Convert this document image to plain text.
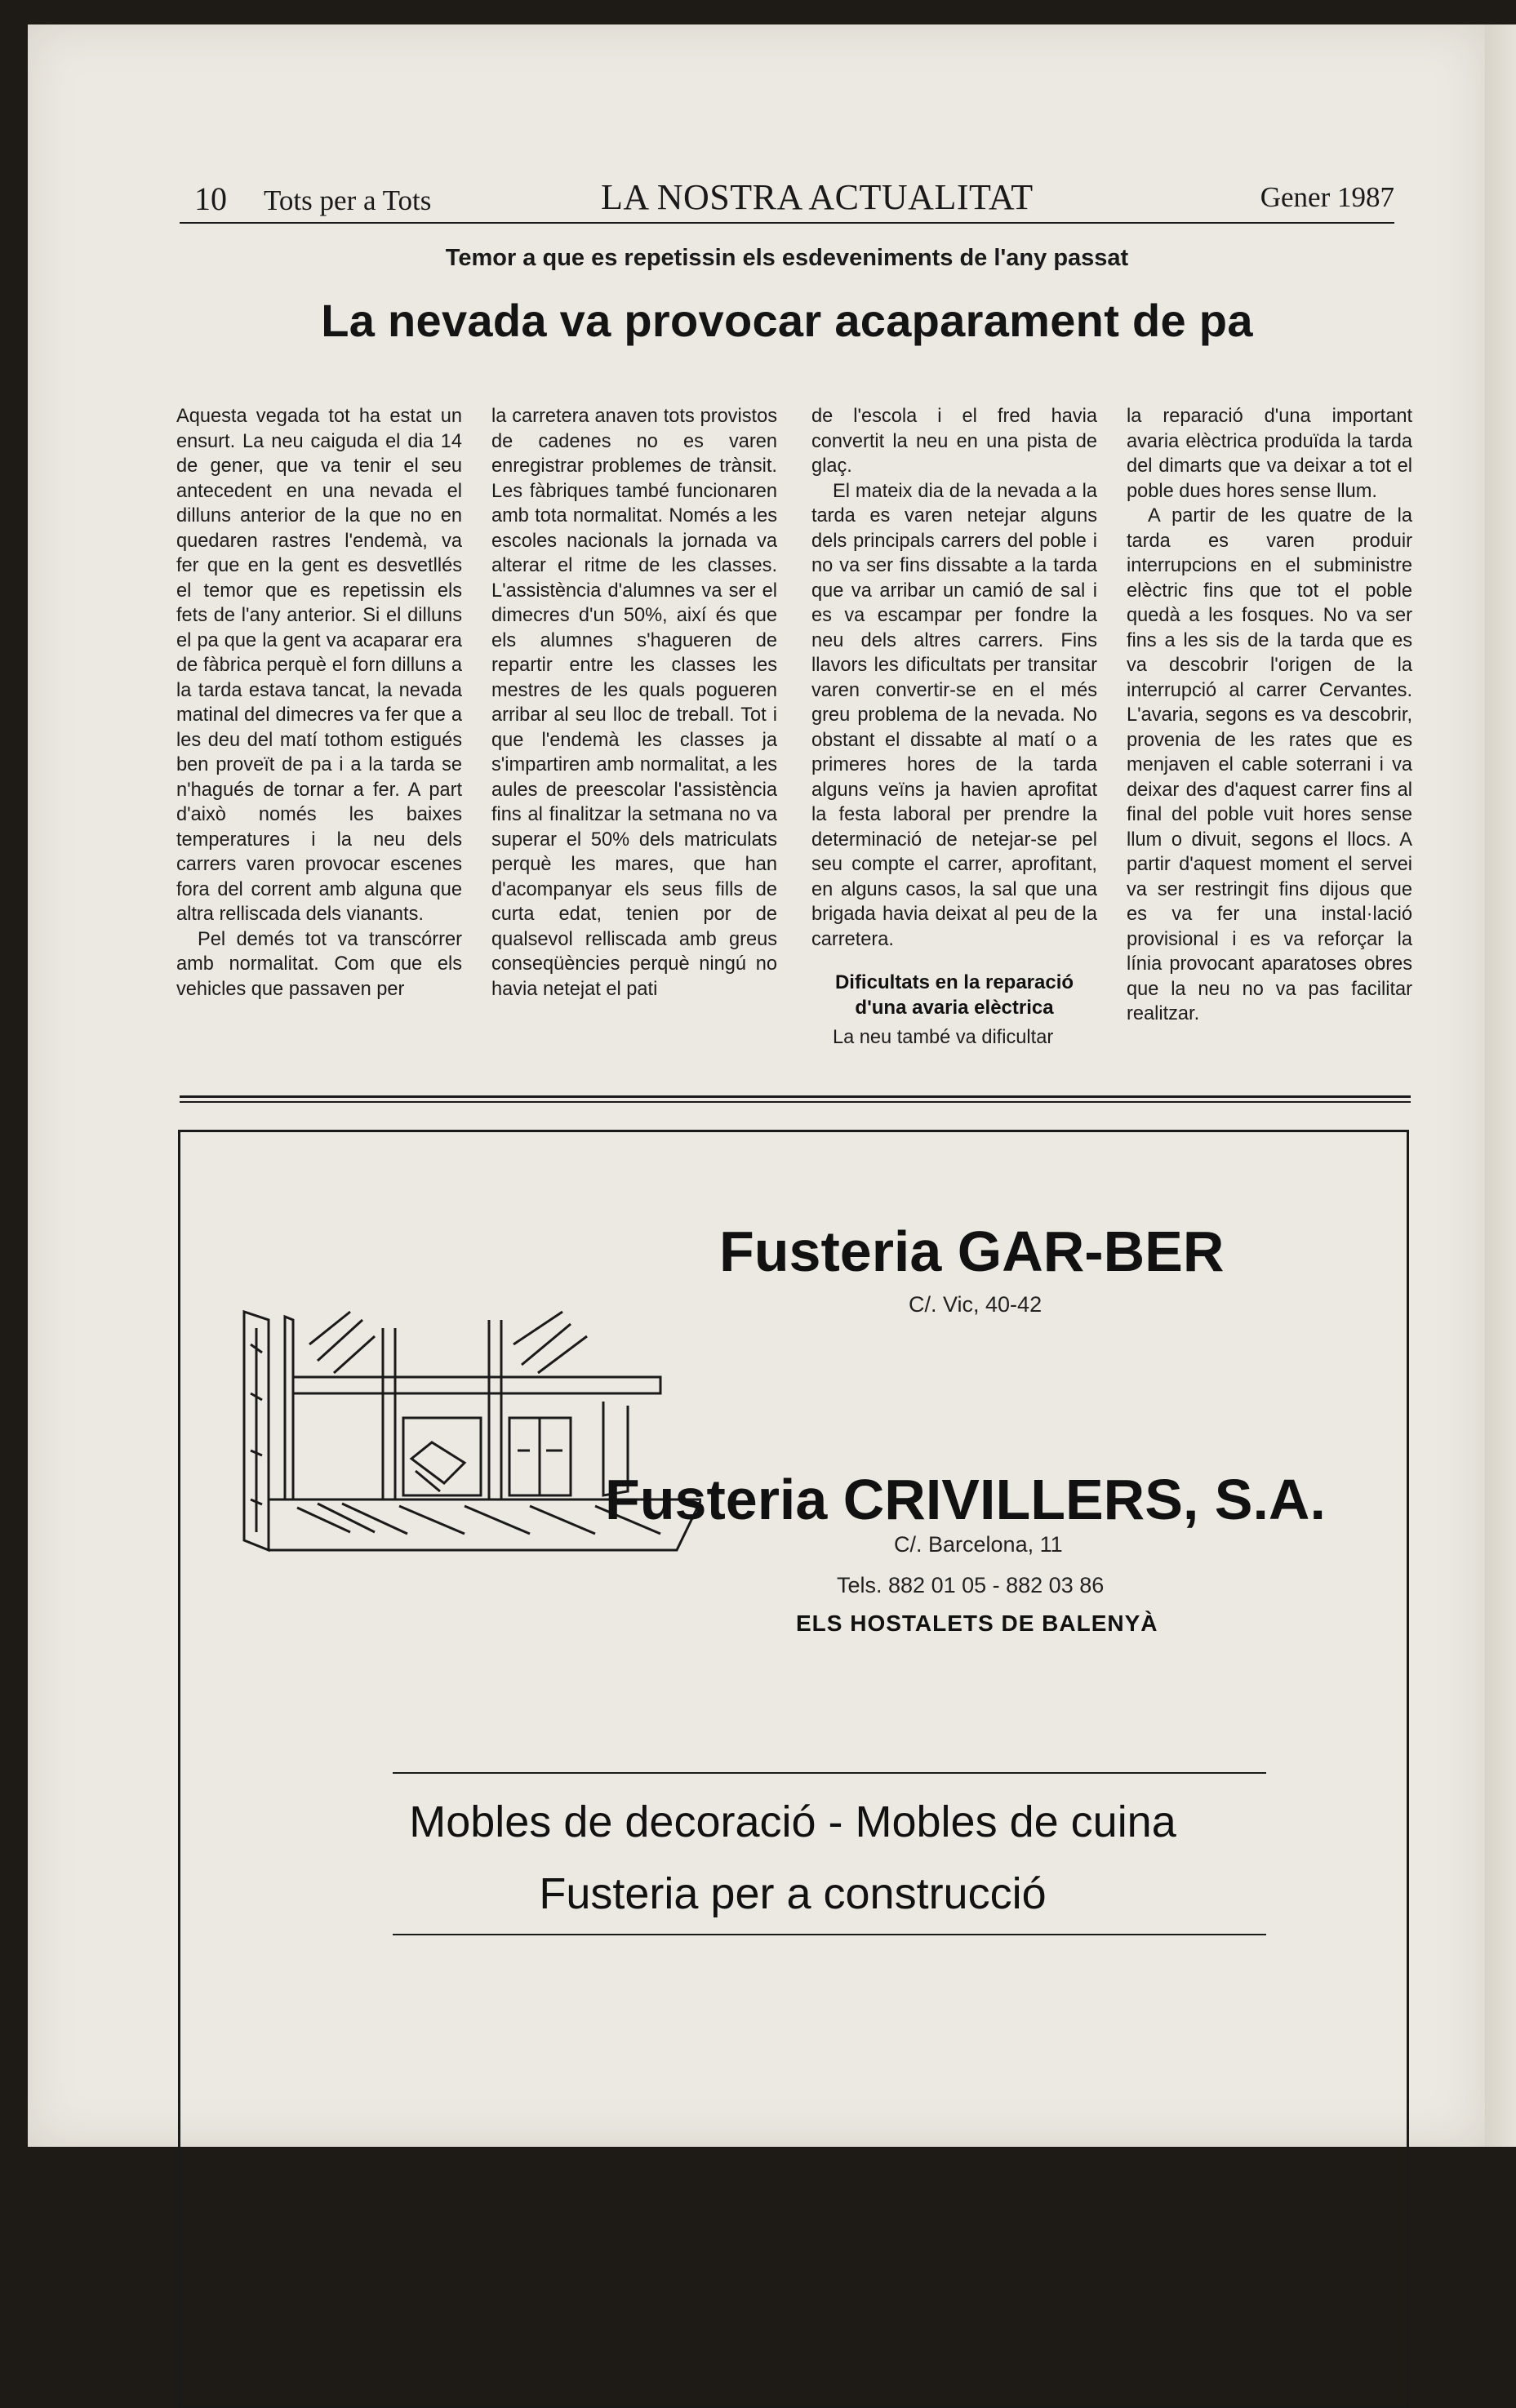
10 Tots per a Tots	LA NOSTRA ACTUALITAT	Gener 1987
Temor a que es repetissin els esdeveniments de l'any passat
La nevada va provocar acaparament de pa

Aquesta vegada tot ha estat un ensurt. La neu caiguda el dia 14 de gener, que va tenir el seu antecedent en una nevada el dilluns anterior de la que no en quedaren rastres l'endemà, va fer que en la gent es desvetllés el temor que es repetissin els fets de l'any anterior. Si el dilluns el pa que la gent va acaparar era de fàbrica perquè el forn dilluns a la tarda estava tancat, la nevada matinal del dimecres va fer que a les deu del matí tothom estigués ben proveït de pa i a la tarda se n'hagués de tornar a fer. A part d'això només les baixes temperatures i la neu dels carrers varen provocar escenes fora del corrent amb alguna que altra relliscada dels vianants.

Pel demés tot va transcórrer amb normalitat. Com que els vehicles que passaven per

la carretera anaven tots provistos de cadenes no es varen enregistrar problemes de trànsit. Les fàbriques també funcionaren amb tota normalitat. Només a les escoles nacionals la jornada va alterar el ritme de les classes. L'assistència d'alumnes va ser el dimecres d'un 50%, així és que els alumnes s'hagueren de repartir entre les classes les mestres de les quals pogueren arribar al seu lloc de treball. Tot i que l'endemà les classes ja s'impartiren amb normalitat, a les aules de preescolar l'assistència fins al finalitzar la setmana no va superar el 50% dels matriculats perquè les mares, que han d'acompanyar els seus fills de curta edat, tenien por de qualsevol relliscada amb greus conseqüències perquè ningú no havia netejat el pati

de l'escola i el fred havia convertit la neu en una pista de glaç.

El mateix dia de la nevada a la tarda es varen netejar alguns dels principals carrers del poble i no va ser fins dissabte a la tarda que va arribar un camió de sal i es va escampar per fondre la neu dels altres carrers. Fins llavors les dificultats per transitar varen convertir-se en el més greu problema de la nevada. No obstant el dissabte al matí o a primeres hores de la tarda alguns veïns ja havien aprofitat la festa laboral per prendre la determinació de netejar-se pel seu compte el carrer, aprofitant, en alguns casos, la sal que una brigada havia deixat al peu de la carretera.

Dificultats en la reparació d'una avaria elèctrica

La neu també va dificultar

la reparació d'una important avaria elèctrica produïda la tarda del dimarts que va deixar a tot el poble dues hores sense llum.

A partir de les quatre de la tarda es varen produir interrupcions en el subministre elèctric fins que tot el poble quedà a les fosques. No va ser fins a les sis de la tarda que es va descobrir l'origen de la interrupció al carrer Cervantes. L'avaria, segons es va descobrir, provenia de les rates que es menjaven el cable soterrani i va deixar des d'aquest carrer fins al final del poble vuit hores sense llum o divuit, segons el llocs. A partir d'aquest moment el servei va ser restringit fins dijous que es va fer una instal·lació provisional i es va reforçar la línia provocant aparatoses obres que la neu no va pas facilitar realitzar.

Fusteria GAR-BER
C/. Vic, 40-42
Fusteria CRIVILLERS, S.A.
C/. Barcelona, 11
Tels. 882 01 05 - 882 03 86
ELS HOSTALETS DE BALENYÀ
Mobles de decoració - Mobles de cuina
Fusteria per a construcció
